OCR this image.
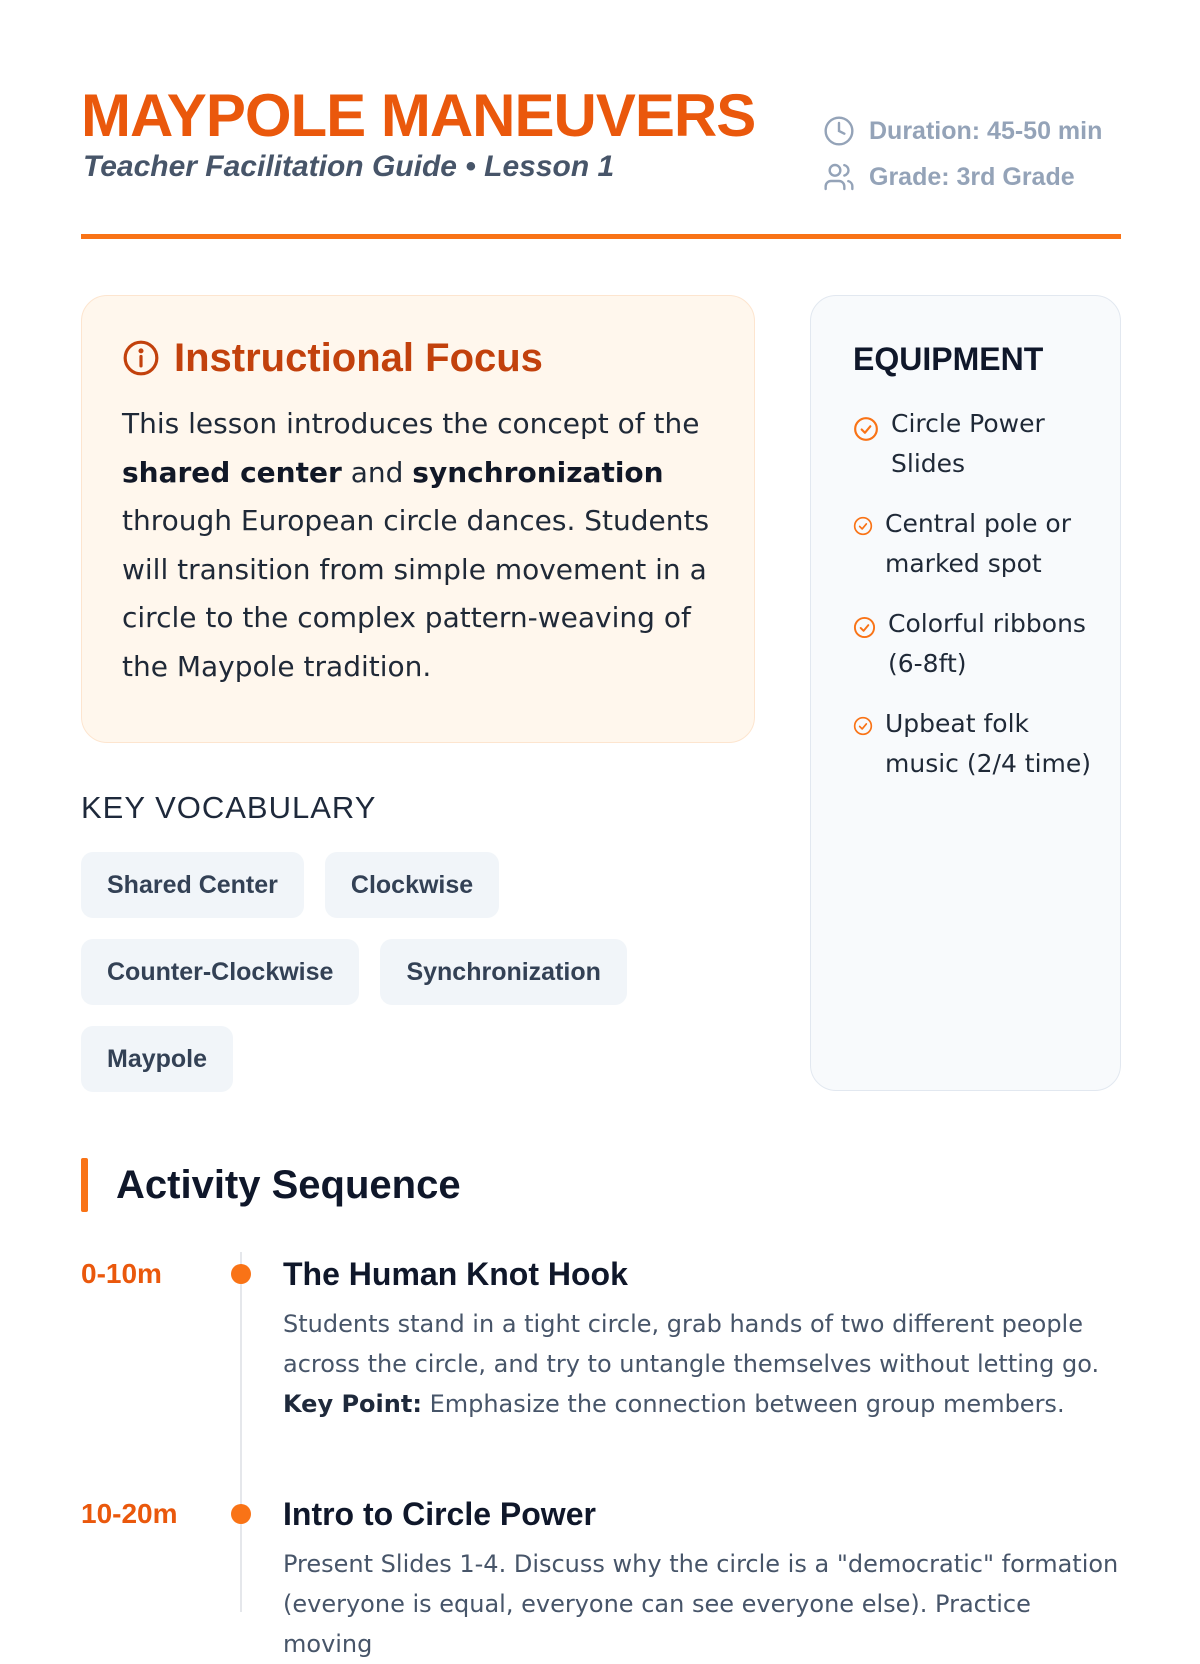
MAYPOLE MANEUVERS
Teacher Facilitation Guide • Lesson 1
Duration: 45-50 min
Grade: 3rd Grade
Instructional Focus

This lesson introduces the concept of the shared center and synchronization through European circle dances. Students will transition from simple movement in a circle to the complex pattern-weaving of the Maypole tradition.

KEY VOCABULARY
Shared Center	Clockwise
Counter-Clockwise	Synchronization
Maypole
EQUIPMENT
Circle Power Slides
Central pole or marked spot
Colorful ribbons (6-8ft)
Upbeat folk music (2/4 time)
Activity Sequence
0-10m	The Human Knot Hook

Students stand in a tight circle, grab hands of two different people across the circle, and try to untangle themselves without letting go. Key Point: Emphasize the connection between group members.

10-20m	Intro to Circle Power

Present Slides 1-4. Discuss why the circle is a "democratic" formation (everyone is equal, everyone can see everyone else). Practice moving
